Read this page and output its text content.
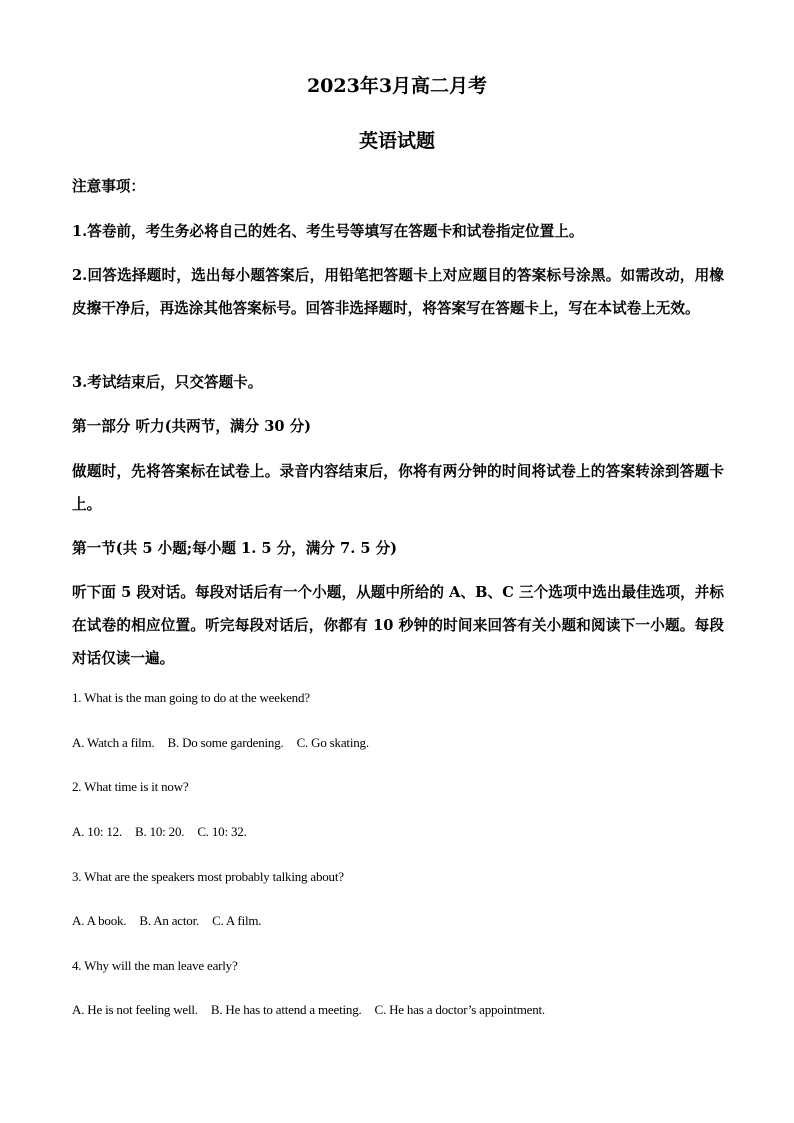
2023年3月高二月考
英语试题
注意事项：
1.答卷前，考生务必将自己的姓名、考生号等填写在答题卡和试卷指定位置上。
2.回答选择题时，选出每小题答案后，用铅笔把答题卡上对应题目的答案标号涂黑。如需改动，用橡皮擦干净后，再选涂其他答案标号。回答非选择题时，将答案写在答题卡上，写在本试卷上无效。
3.考试结束后，只交答题卡。
第一部分 听力(共两节，满分 30 分)
做题时，先将答案标在试卷上。录音内容结束后，你将有两分钟的时间将试卷上的答案转涂到答题卡上。
第一节(共 5 小题;每小题 1. 5 分，满分 7. 5 分)
听下面 5 段对话。每段对话后有一个小题，从题中所给的 A、B、C 三个选项中选出最佳选项，并标在试卷的相应位置。听完每段对话后，你都有 10 秒钟的时间来回答有关小题和阅读下一小题。每段对话仅读一遍。
1. What is the man going to do at the weekend?
A. Watch a film. B. Do some gardening. C. Go skating.
2. What time is it now?
A. 10: 12. B. 10: 20. C. 10: 32.
3. What are the speakers most probably talking about?
A. A book. B. An actor. C. A film.
4. Why will the man leave early?
A. He is not feeling well. B. He has to attend a meeting. C. He has a doctor’s appointment.
